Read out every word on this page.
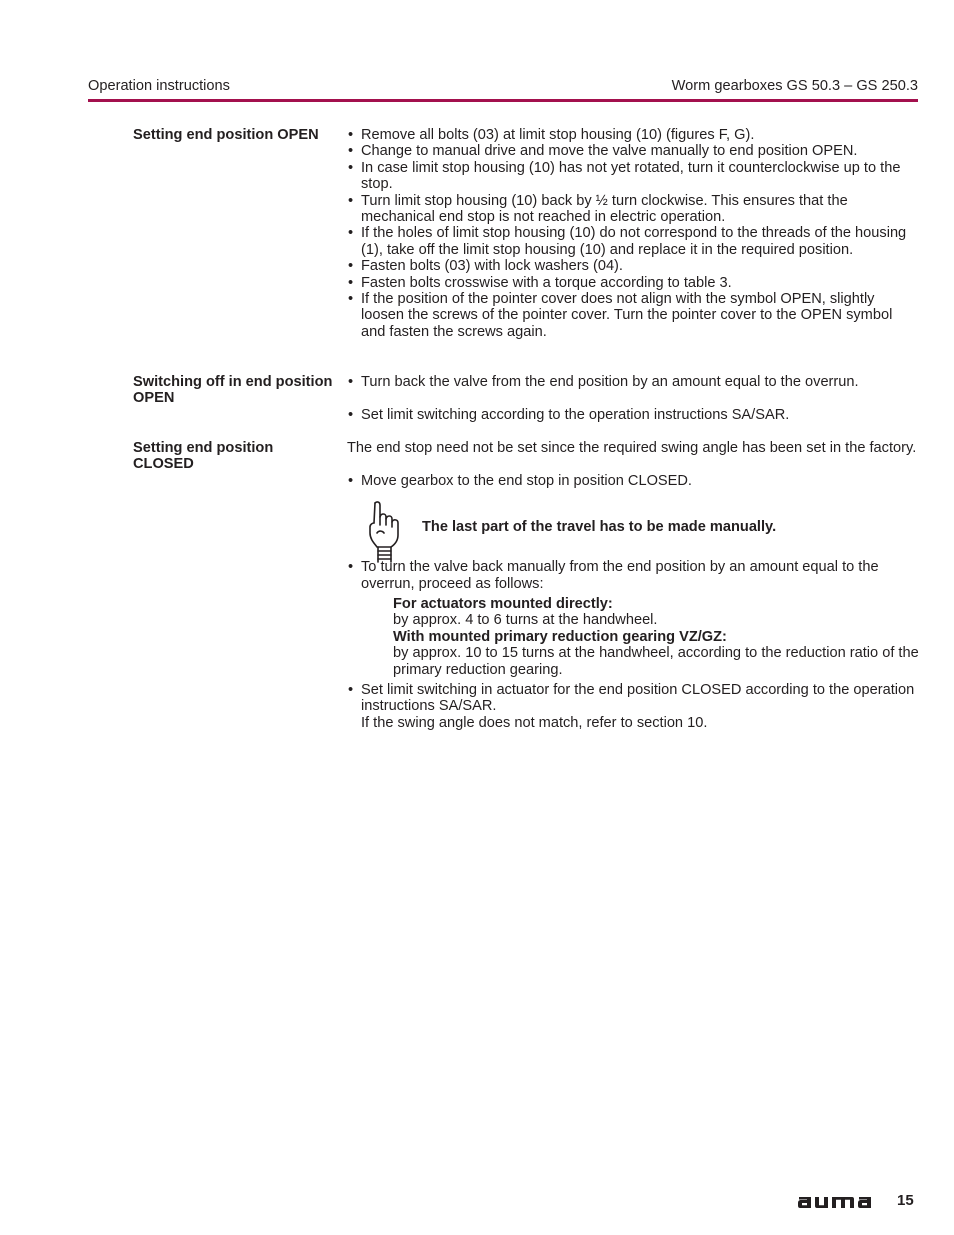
Operation instructions	Worm gearboxes GS 50.3 – GS 250.3
Setting end position OPEN
•	Remove all bolts (03) at limit stop housing (10) (figures F, G).
• Change to manual drive and move the valve manually to end position OPEN.
• In case limit stop housing (10) has not yet rotated, turn it counterclockwise up to the stop.
• Turn limit stop housing (10) back by ½ turn clockwise. This ensures that the mechanical end stop is not reached in electric operation.
• If the holes of limit stop housing (10) do not correspond to the threads of the housing (1), take off the limit stop housing (10) and replace it in the required position.
• Fasten bolts (03) with lock washers (04).
• Fasten bolts crosswise with a torque according to table 3.
• If the position of the pointer cover does not align with the symbol OPEN, slightly loosen the screws of the pointer cover. Turn the pointer cover to the OPEN symbol and fasten the screws again.
Switching off in end position
OPEN
• Turn back the valve from the end position by an amount equal to the overrun.
• Set limit switching according to the operation instructions SA/SAR.
Setting end position
CLOSED

The end stop need not be set since the required swing angle has been set in the factory.

• Move gearbox to the end stop in position CLOSED.
The last part of the travel has to be made manually.
• To turn the valve back manually from the end position by an amount equal to the overrun, proceed as follows:
For actuators mounted directly:
by approx. 4 to 6 turns at the handwheel.
With mounted primary reduction gearing VZ/GZ:
by approx. 10 to 15 turns at the handwheel, according to the reduction ratio of the primary reduction gearing.
• Set limit switching in actuator for the end position CLOSED according to the operation instructions SA/SAR.
If the swing angle does not match, refer to section 10.
15
